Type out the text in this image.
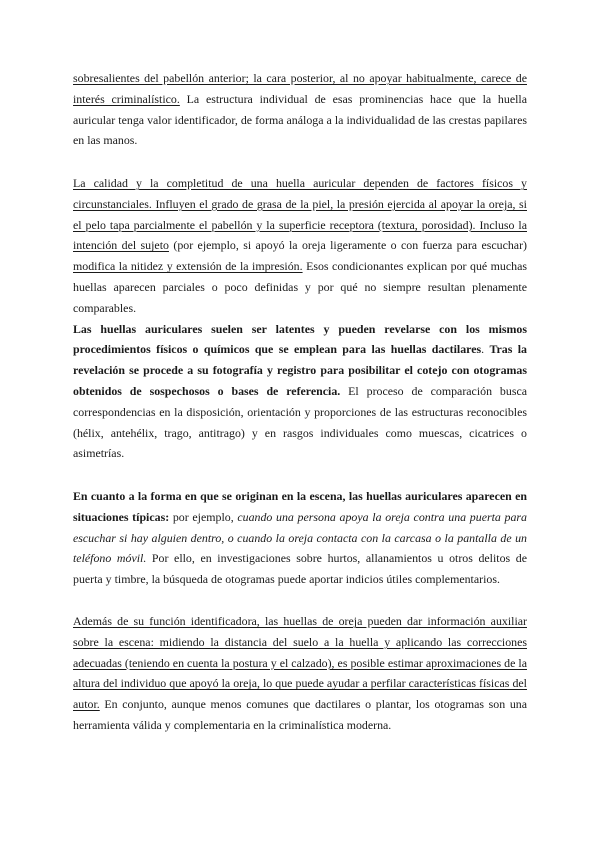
sobresalientes del pabellón anterior; la cara posterior, al no apoyar habitualmente, carece de interés criminalístico. La estructura individual de esas prominencias hace que la huella auricular tenga valor identificador, de forma análoga a la individualidad de las crestas papilares en las manos.

La calidad y la completitud de una huella auricular dependen de factores físicos y circunstanciales. Influyen el grado de grasa de la piel, la presión ejercida al apoyar la oreja, si el pelo tapa parcialmente el pabellón y la superficie receptora (textura, porosidad). Incluso la intención del sujeto (por ejemplo, si apoyó la oreja ligeramente o con fuerza para escuchar) modifica la nitidez y extensión de la impresión. Esos condicionantes explican por qué muchas huellas aparecen parciales o poco definidas y por qué no siempre resultan plenamente comparables.
Las huellas auriculares suelen ser latentes y pueden revelarse con los mismos procedimientos físicos o químicos que se emplean para las huellas dactilares. Tras la revelación se procede a su fotografía y registro para posibilitar el cotejo con otogramas obtenidos de sospechosos o bases de referencia. El proceso de comparación busca correspondencias en la disposición, orientación y proporciones de las estructuras reconocibles (hélix, antehélix, trago, antitrago) y en rasgos individuales como muescas, cicatrices o asimetrías.

En cuanto a la forma en que se originan en la escena, las huellas auriculares aparecen en situaciones típicas: por ejemplo, cuando una persona apoya la oreja contra una puerta para escuchar si hay alguien dentro, o cuando la oreja contacta con la carcasa o la pantalla de un teléfono móvil. Por ello, en investigaciones sobre hurtos, allanamientos u otros delitos de puerta y timbre, la búsqueda de otogramas puede aportar indicios útiles complementarios.

Además de su función identificadora, las huellas de oreja pueden dar información auxiliar sobre la escena: midiendo la distancia del suelo a la huella y aplicando las correcciones adecuadas (teniendo en cuenta la postura y el calzado), es posible estimar aproximaciones de la altura del individuo que apoyó la oreja, lo que puede ayudar a perfilar características físicas del autor. En conjunto, aunque menos comunes que dactilares o plantar, los otogramas son una herramienta válida y complementaria en la criminalística moderna.
